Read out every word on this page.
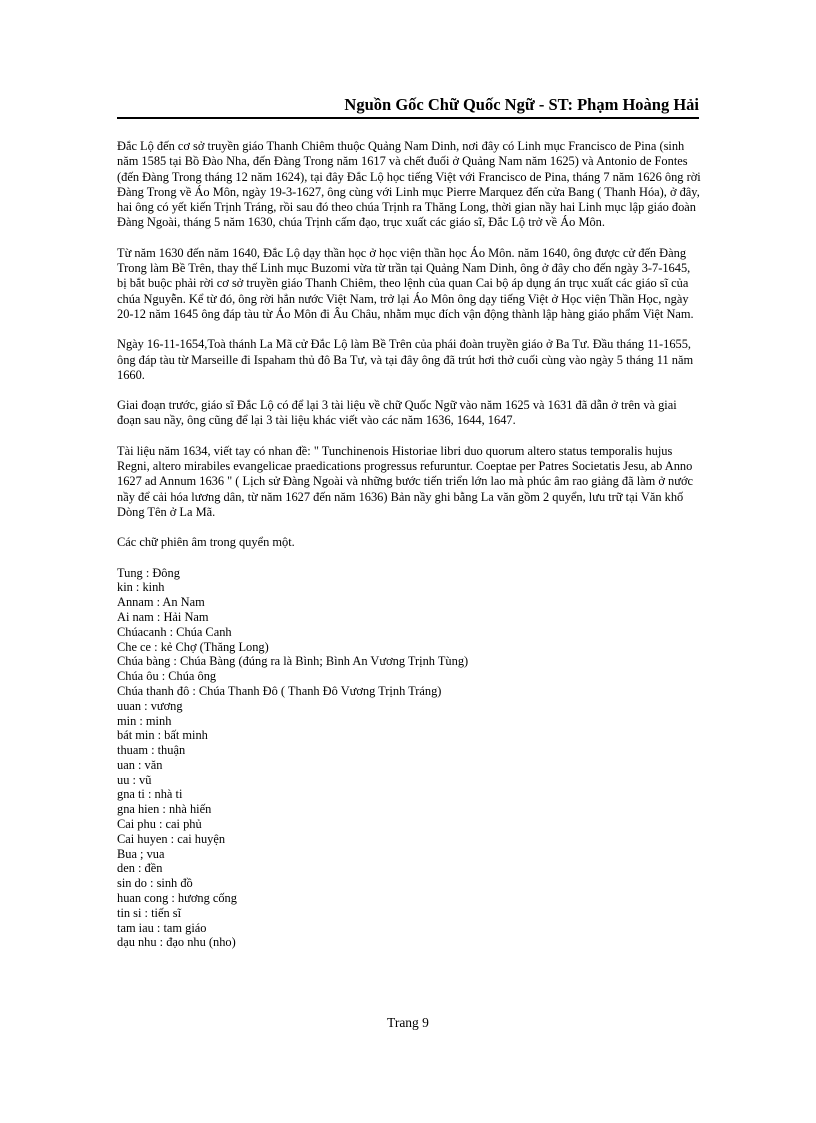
Nguồn Gốc Chữ Quốc Ngữ - ST: Phạm Hoàng Hải

Đắc Lộ đến cơ sở truyền giáo Thanh Chiêm thuộc Quảng Nam Dinh, nơi đây có Linh mục Francisco de Pina (sinh năm 1585 tại Bồ Đào Nha, đến Đàng Trong năm 1617 và chết đuối ở Quảng Nam năm 1625) và Antonio de Fontes (đến Đàng Trong tháng 12 năm 1624), tại đây Đắc Lộ học tiếng Việt với Francisco de Pina, tháng 7 năm 1626 ông rời Đàng Trong về Áo Môn, ngày 19-3-1627, ông cùng với Linh mục Pierre Marquez đến cửa Bang ( Thanh Hóa), ở đây, hai ông có yết kiến Trịnh Tráng, rồi sau đó theo chúa Trịnh ra Thăng Long, thời gian nầy hai Linh mục lập giáo đoàn Đàng Ngoài, tháng 5 năm 1630, chúa Trịnh cấm đạo, trục xuất các giáo sĩ, Đắc Lộ trở về Áo Môn.

Từ năm 1630 đến năm 1640, Đắc Lộ dạy thần học ở học viện thần học Áo Môn. năm 1640, ông được cử đến Đàng Trong làm Bề Trên, thay thế Linh mục Buzomi vừa từ trần tại Quảng Nam Dinh, ông ở đây cho đến ngày 3-7-1645, bị bắt buộc phải rời cơ sở truyền giáo Thanh Chiêm, theo lệnh của quan Cai bộ áp dụng án trục xuất các giáo sĩ của chúa Nguyễn. Kể từ đó, ông rời hẳn nước Việt Nam, trở lại Áo Môn ông dạy tiếng Việt ở Học viện Thần Học, ngày 20-12 năm 1645 ông đáp tàu từ Áo Môn đi Âu Châu, nhằm mục đích vận động thành lập hàng giáo phẩm Việt Nam.

Ngày 16-11-1654,Toà thánh La Mã cử Đắc Lộ làm Bề Trên của phái đoàn truyền giáo ở Ba Tư. Đầu tháng 11-1655, ông đáp tàu từ Marseille đi Ispaham thủ đô Ba Tư, và tại đây ông đã trút hơi thở cuối cùng vào ngày 5 tháng 11 năm 1660.

Giai đoạn trước, giáo sĩ Đắc Lộ có để lại 3 tài liệu về chữ Quốc Ngữ vào năm 1625 và 1631 đã dẫn ở trên và giai đoạn sau nầy, ông cũng để lại 3 tài liệu khác viết vào các năm 1636, 1644, 1647.

Tài liệu năm 1634, viết tay có nhan đề: " Tunchinenois Historiae libri duo quorum altero status temporalis hujus Regni, altero mirabiles evangelicae praedications progressus refuruntur. Coeptae per Patres Societatis Jesu, ab Anno 1627 ad Annum 1636 " ( Lịch sử Đàng Ngoài và những bước tiến triển lớn lao mà phúc âm rao giảng đã làm ở nước nầy để cải hóa lương dân, từ năm 1627 đến năm 1636) Bản nầy ghi bằng La văn gồm 2 quyển, lưu trữ tại Văn khố Dòng Tên ở La Mã.

Các chữ phiên âm trong quyển một.

Tung : Đông
kin : kinh
Annam : An Nam
Ai nam : Hải Nam
Chúacanh : Chúa Canh
Che ce : kẻ Chợ (Thăng Long)
Chúa bàng : Chúa Bàng (đúng ra là Bình; Bình An Vương Trịnh Tùng)
Chúa ôu : Chúa ông
Chúa thanh đô : Chúa Thanh Đô ( Thanh Đô Vương Trịnh Tráng)
uuan : vương
min : minh
bát min : bất minh
thuam : thuận
uan : văn
uu : vũ
gna ti : nhà ti
gna hien : nhà hiến
Cai phu : cai phủ
Cai huyen : cai huyện
Bua ; vua
den : đền
sin do : sinh đồ
huan cong : hương cống
tin si : tiến sĩ
tam iau : tam giáo
dạu nhu : đạo nhu (nho)
Trang 9
